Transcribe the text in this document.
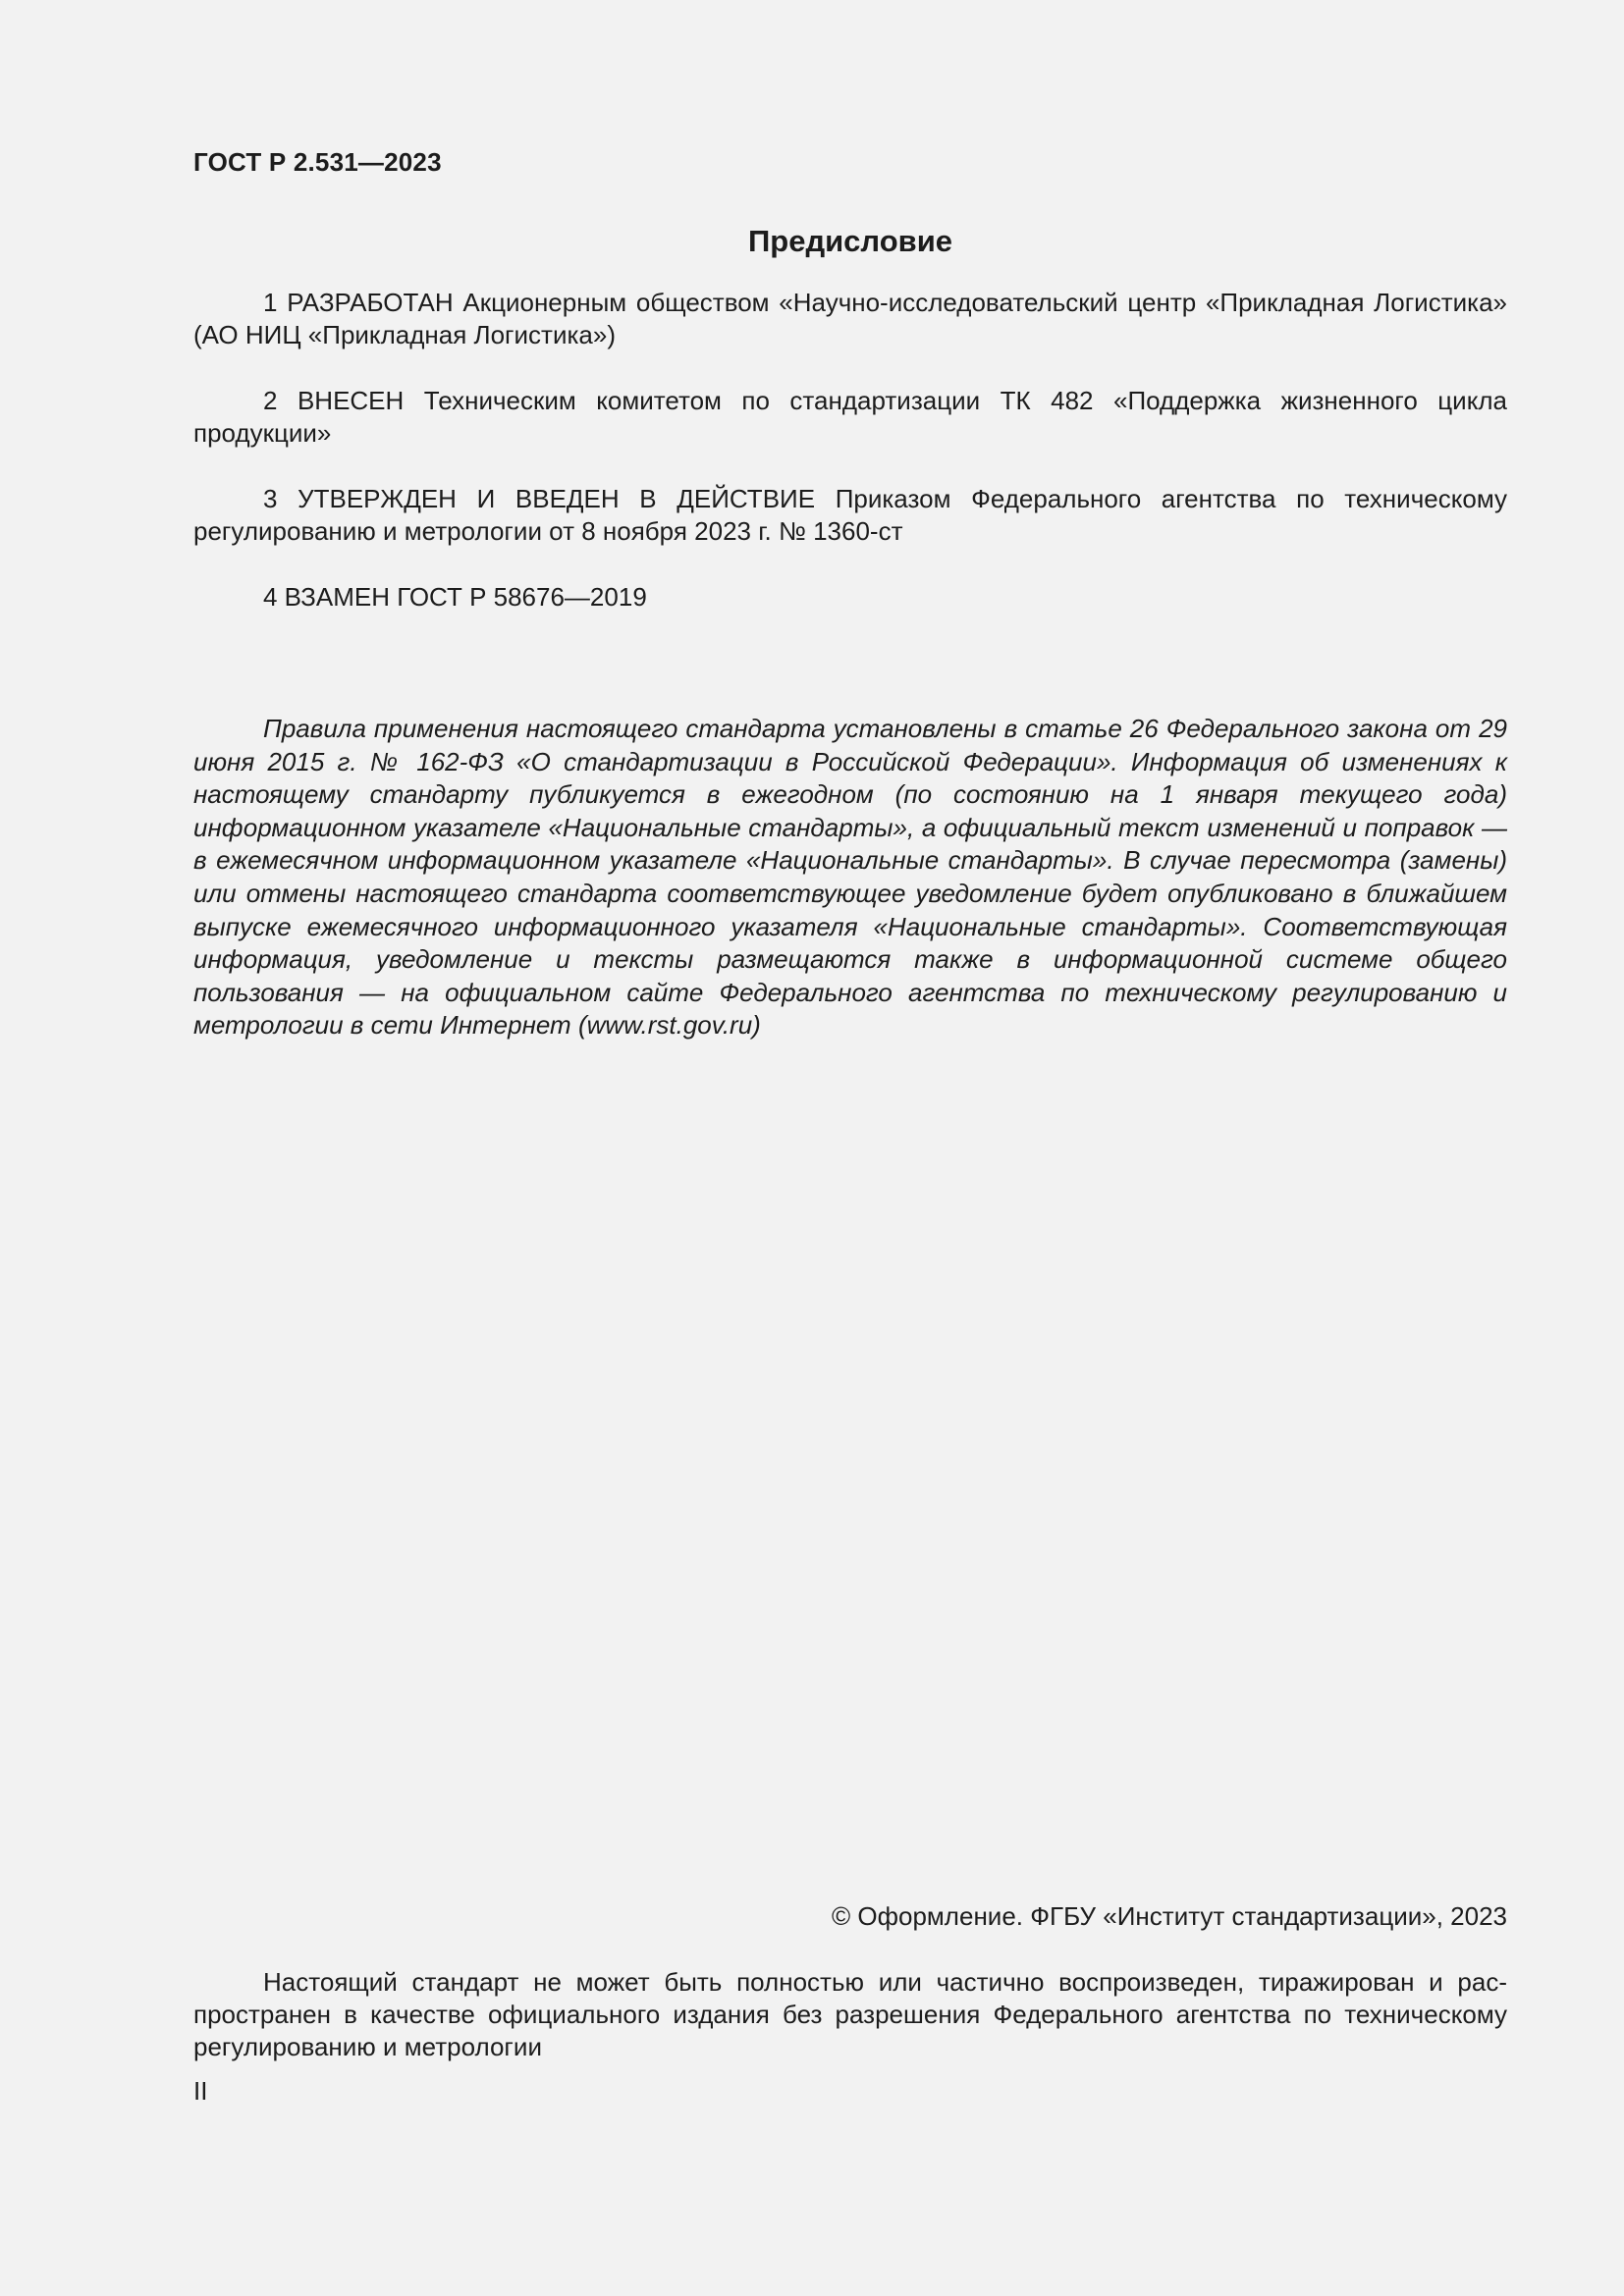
ГОСТ Р 2.531—2023
Предисловие

1 РАЗРАБОТАН Акционерным обществом «Научно-исследовательский центр «Прикладная Логистика» (АО НИЦ «Прикладная Логистика»)

2 ВНЕСЕН Техническим комитетом по стандартизации ТК 482 «Поддержка жизненного цикла продукции»

3 УТВЕРЖДЕН И ВВЕДЕН В ДЕЙСТВИЕ Приказом Федерального агентства по техническому регулированию и метрологии от 8 ноября 2023 г. № 1360-ст

4 ВЗАМЕН ГОСТ Р 58676—2019

Правила применения настоящего стандарта установлены в статье 26 Федерального закона от 29 июня 2015 г. № 162-ФЗ «О стандартизации в Российской Федерации». Информация об изменениях к настоящему стандарту публикуется в ежегодном (по состоянию на 1 января текущего года) информационном указателе «Национальные стандарты», а официальный текст изменений и поправок — в ежемесячном информационном указателе «Национальные стандарты». В случае пересмотра (замены) или отмены настоящего стандарта соответствующее уведомление будет опубликовано в ближайшем выпуске ежемесячного информационного указателя «Национальные стандарты». Соответствующая информация, уведомление и тексты размещаются также в информационной системе общего пользования — на официальном сайте Федерального агентства по техническому регулированию и метрологии в сети Интернет (www.rst.gov.ru)

© Оформление. ФГБУ «Институт стандартизации», 2023

Настоящий стандарт не может быть полностью или частично воспроизведен, тиражирован и распространен в качестве официального издания без разрешения Федерального агентства по техническому регулированию и метрологии

II
